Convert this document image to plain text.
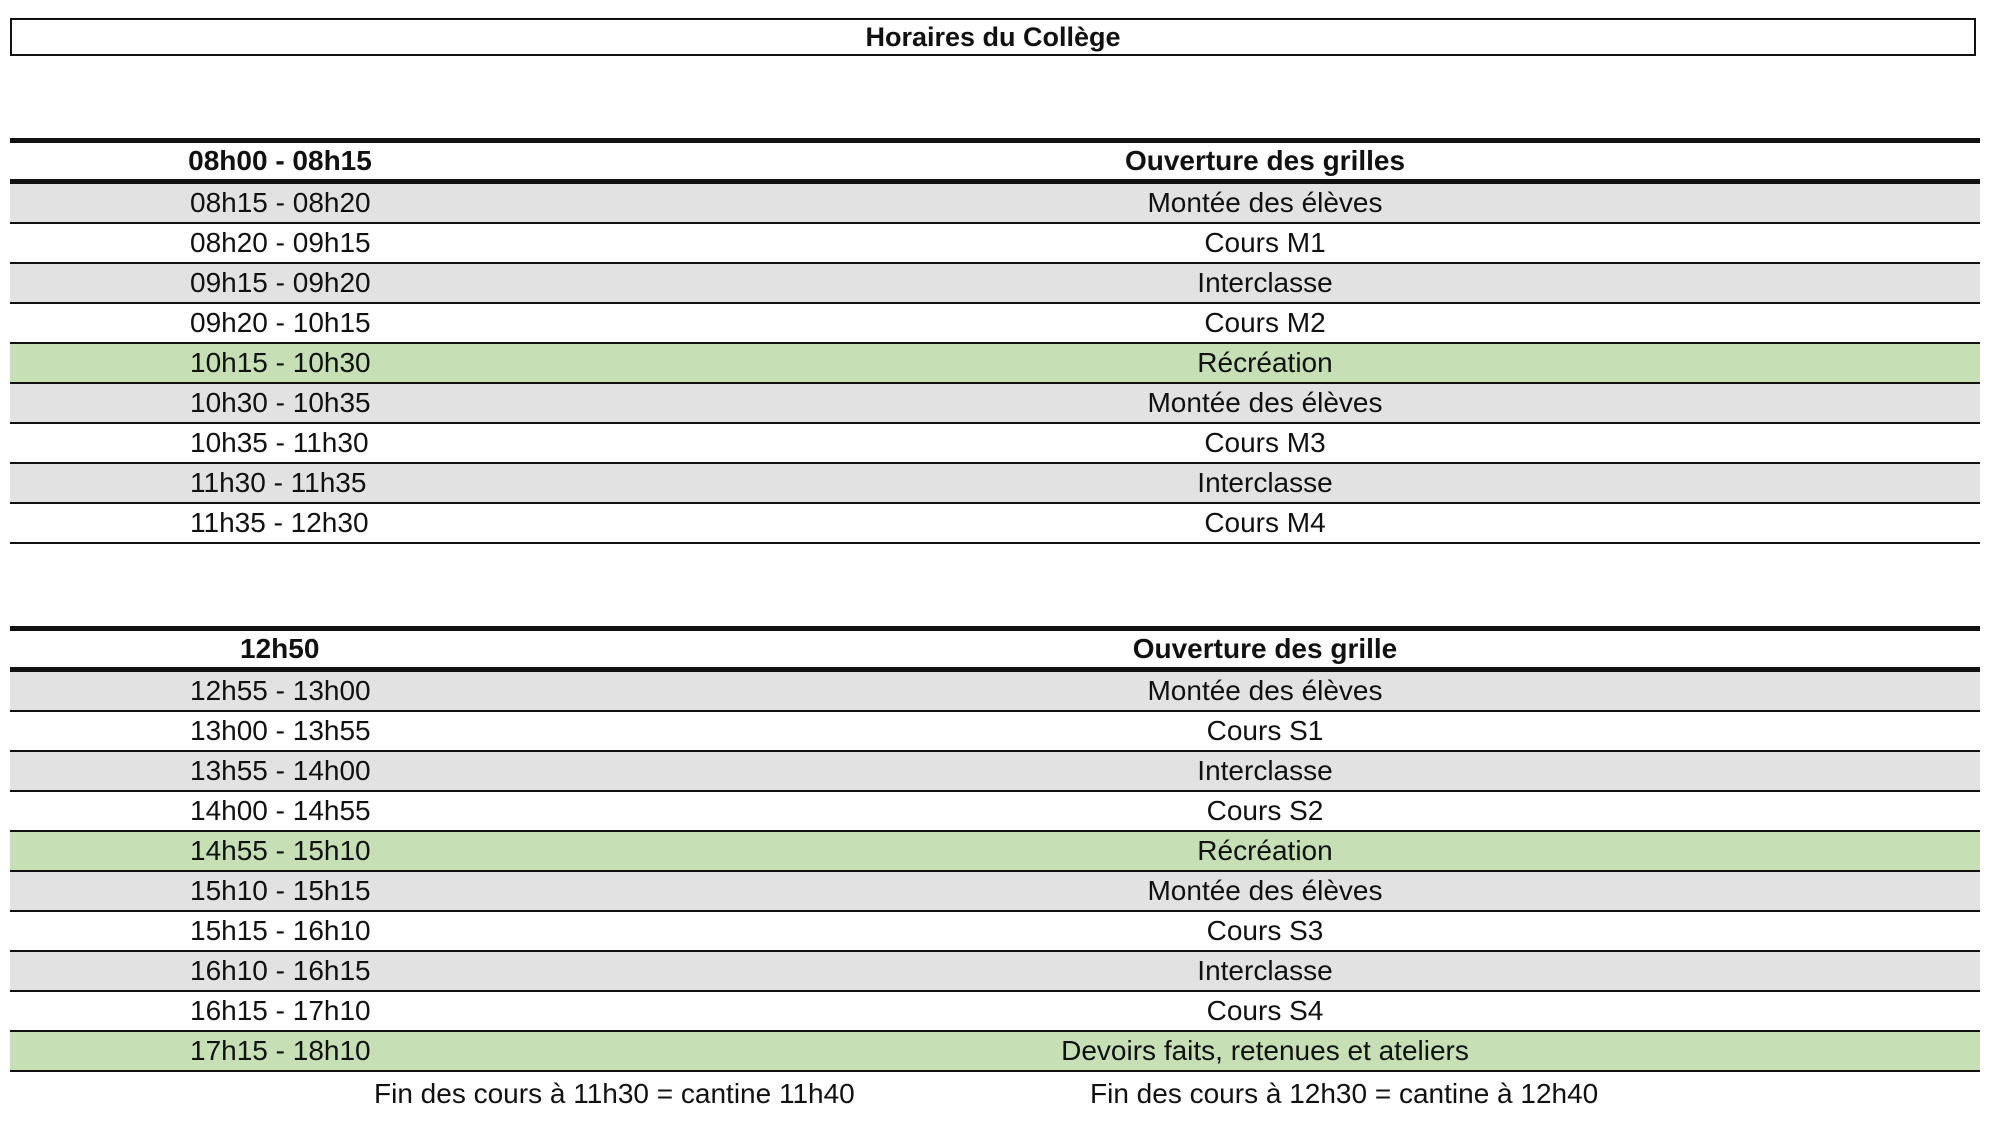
Horaires du Collège
08h00 - 08h15	Ouverture des grilles
08h15 - 08h20	Montée des élèves
08h20 - 09h15	Cours M1
09h15 - 09h20	Interclasse
09h20 - 10h15	Cours M2
10h15 - 10h30	Récréation
10h30 - 10h35	Montée des élèves
10h35 - 11h30	Cours M3
11h30 - 11h35	Interclasse
11h35 - 12h30	Cours M4
12h50	Ouverture des grille
12h55 - 13h00	Montée des élèves
13h00 - 13h55	Cours S1
13h55 - 14h00	Interclasse
14h00 - 14h55	Cours S2
14h55 - 15h10	Récréation
15h10 - 15h15	Montée des élèves
15h15 - 16h10	Cours S3
16h10 - 16h15	Interclasse
16h15 - 17h10	Cours S4
17h15 - 18h10	Devoirs faits, retenues et ateliers
Fin des cours à 11h30 = cantine 11h40	Fin des cours à 12h30 = cantine à 12h40
